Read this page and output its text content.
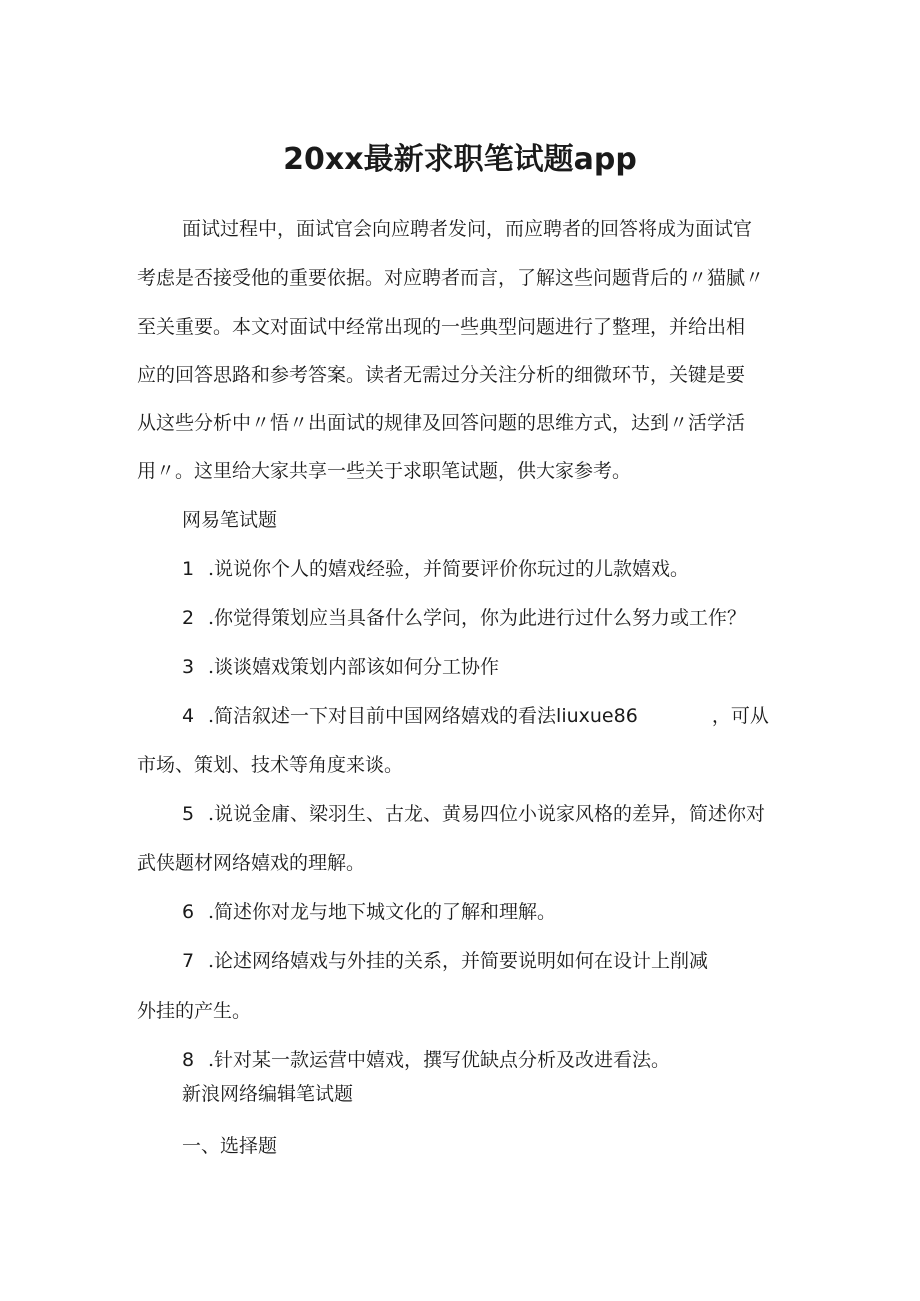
20xx最新求职笔试题app

面试过程中，面试官会向应聘者发问，而应聘者的回答将成为面试官

考虑是否接受他的重要依据。对应聘者而言，了解这些问题背后的〃猫腻〃

至关重要。本文对面试中经常出现的一些典型问题进行了整理，并给出相

应的回答思路和参考答案。读者无需过分关注分析的细微环节，关键是要

从这些分析中〃悟〃出面试的规律及回答问题的思维方式，达到〃活学活

用〃。这里给大家共享一些关于求职笔试题，供大家参考。

网易笔试题

1 .说说你个人的嬉戏经验，并简要评价你玩过的儿款嬉戏。

2 .你觉得策划应当具备什么学问，你为此进行过什么努力或工作？

3 .谈谈嬉戏策划内部该如何分工协作

4 .简洁叙述一下对目前中国网络嬉戏的看法liuxue86	，可从

市场、策划、技术等角度来谈。

5 .说说金庸、梁羽生、古龙、黄易四位小说家风格的差异，简述你对

武侠题材网络嬉戏的理解。

6 .简述你对龙与地下城文化的了解和理解。

7 .论述网络嬉戏与外挂的关系，并简要说明如何在设计上削减

外挂的产生。

8 .针对某一款运营中嬉戏，撰写优缺点分析及改进看法。

新浪网络编辑笔试题

一、选择题
